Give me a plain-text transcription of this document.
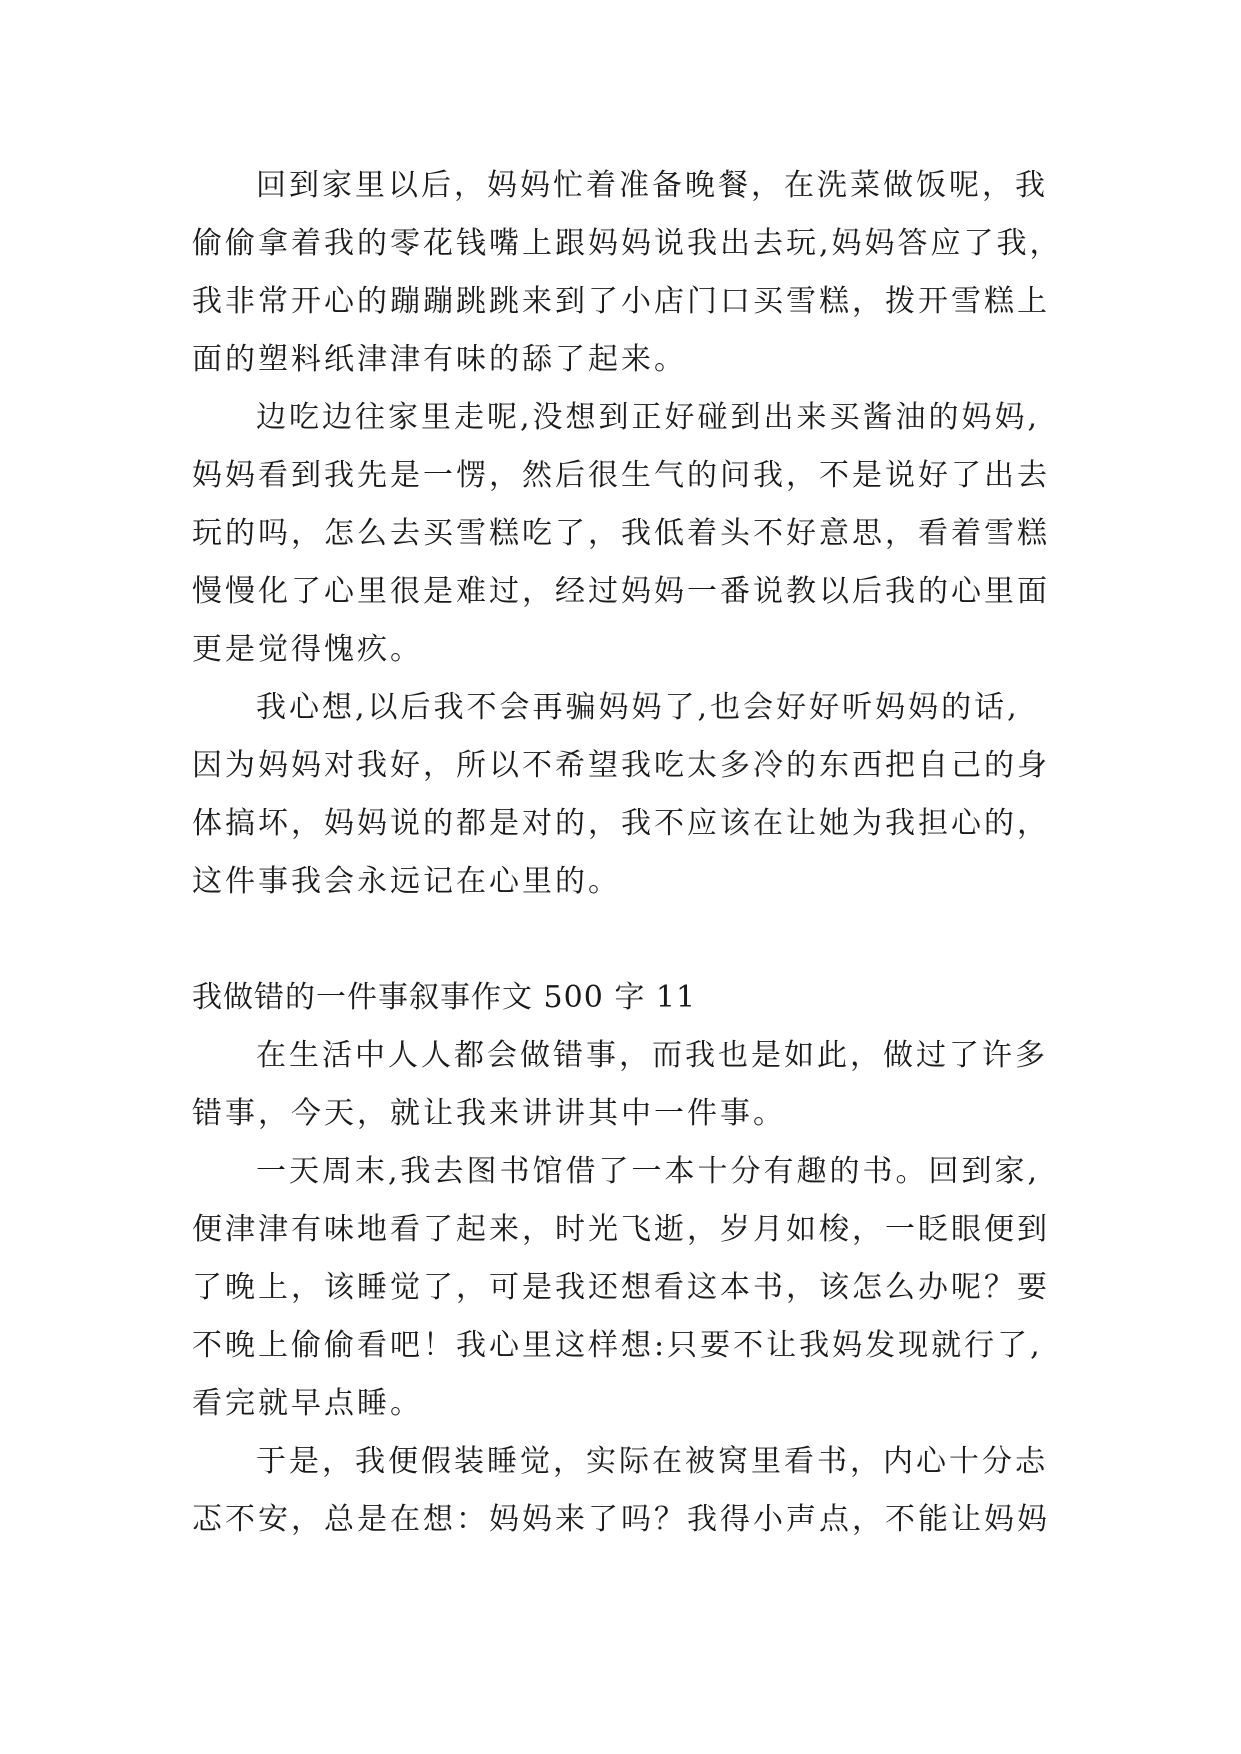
回到家里以后，妈妈忙着准备晚餐，在洗菜做饭呢，我
偷偷拿着我的零花钱嘴上跟妈妈说我出去玩,妈妈答应了我，
我非常开心的蹦蹦跳跳来到了小店门口买雪糕，拨开雪糕上
面的塑料纸津津有味的舔了起来。
边吃边往家里走呢,没想到正好碰到出来买酱油的妈妈,
妈妈看到我先是一愣，然后很生气的问我，不是说好了出去
玩的吗，怎么去买雪糕吃了，我低着头不好意思，看着雪糕
慢慢化了心里很是难过，经过妈妈一番说教以后我的心里面
更是觉得愧疚。
我心想,以后我不会再骗妈妈了,也会好好听妈妈的话,
因为妈妈对我好，所以不希望我吃太多冷的东西把自己的身
体搞坏，妈妈说的都是对的，我不应该在让她为我担心的，
这件事我会永远记在心里的。
我做错的一件事叙事作文 500 字 11
在生活中人人都会做错事，而我也是如此，做过了许多
错事，今天，就让我来讲讲其中一件事。
一天周末,我去图书馆借了一本十分有趣的书。回到家,
便津津有味地看了起来，时光飞逝，岁月如梭，一眨眼便到
了晚上，该睡觉了，可是我还想看这本书，该怎么办呢？要
不晚上偷偷看吧！我心里这样想:只要不让我妈发现就行了,
看完就早点睡。
于是，我便假装睡觉，实际在被窝里看书，内心十分忐
忑不安，总是在想：妈妈来了吗？我得小声点，不能让妈妈
